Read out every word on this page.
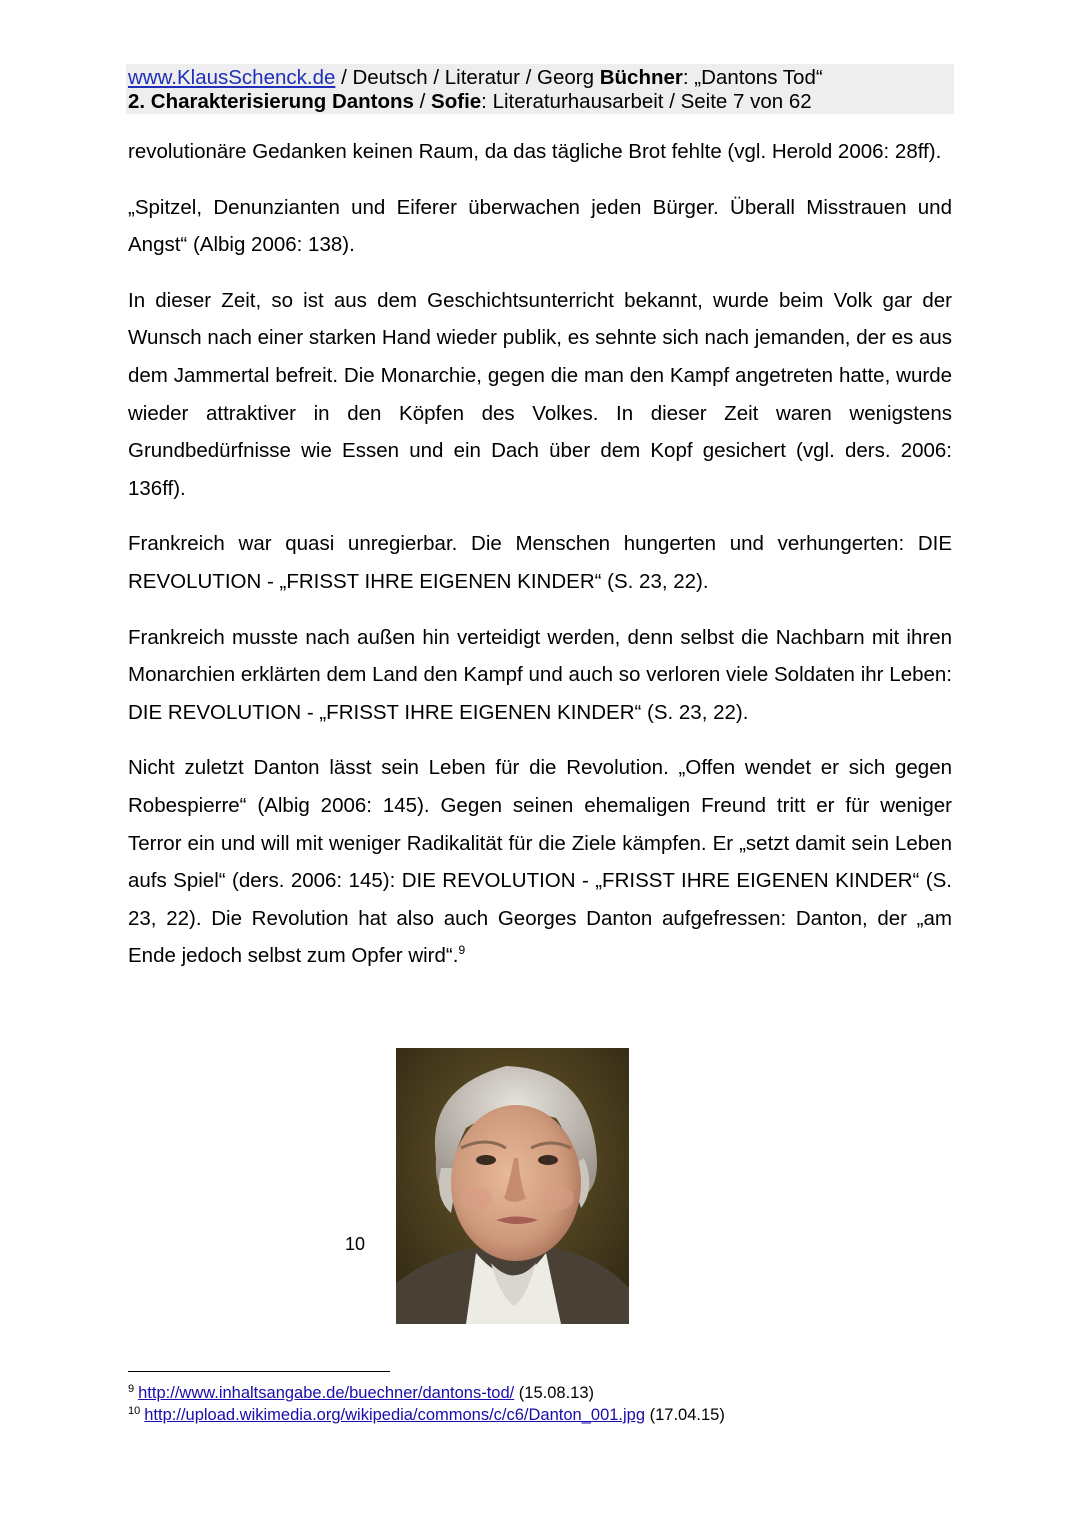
www.KlausSchenck.de / Deutsch / Literatur / Georg Büchner: „Dantons Tod“
2. Charakterisierung Dantons / Sofie: Literaturhausarbeit / Seite 7 von 62

revolutionäre Gedanken keinen Raum, da das tägliche Brot fehlte (vgl. Herold 2006: 28ff).

„Spitzel, Denunzianten und Eiferer überwachen jeden Bürger. Überall Misstrauen und Angst“ (Albig 2006: 138).

In dieser Zeit, so ist aus dem Geschichtsunterricht bekannt, wurde beim Volk gar der Wunsch nach einer starken Hand wieder publik, es sehnte sich nach jemanden, der es aus dem Jammertal befreit. Die Monarchie, gegen die man den Kampf angetreten hatte, wurde wieder attraktiver in den Köpfen des Volkes. In dieser Zeit waren wenigstens Grundbedürfnisse wie Essen und ein Dach über dem Kopf gesichert (vgl. ders. 2006: 136ff).

Frankreich war quasi unregierbar. Die Menschen hungerten und verhungerten: DIE REVOLUTION - „FRISST IHRE EIGENEN KINDER“ (S. 23, 22).

Frankreich musste nach außen hin verteidigt werden, denn selbst die Nachbarn mit ihren Monarchien erklärten dem Land den Kampf und auch so verloren viele Soldaten ihr Leben: DIE REVOLUTION - „FRISST IHRE EIGENEN KINDER“ (S. 23, 22).

Nicht zuletzt Danton lässt sein Leben für die Revolution. „Offen wendet er sich gegen Robespierre“ (Albig 2006: 145). Gegen seinen ehemaligen Freund tritt er für weniger Terror ein und will mit weniger Radikalität für die Ziele kämpfen. Er „setzt damit sein Leben aufs Spiel“ (ders. 2006: 145): DIE REVOLUTION - „FRISST IHRE EIGENEN KINDER“ (S. 23, 22). Die Revolution hat also auch Georges Danton aufgefressen: Danton, der „am Ende jedoch selbst zum Opfer wird“.$^9$

10
$^9$ http://www.inhaltsangabe.de/buechner/dantons-tod/ (15.08.13)
$^{10}$ http://upload.wikimedia.org/wikipedia/commons/c/c6/Danton_001.jpg (17.04.15)
